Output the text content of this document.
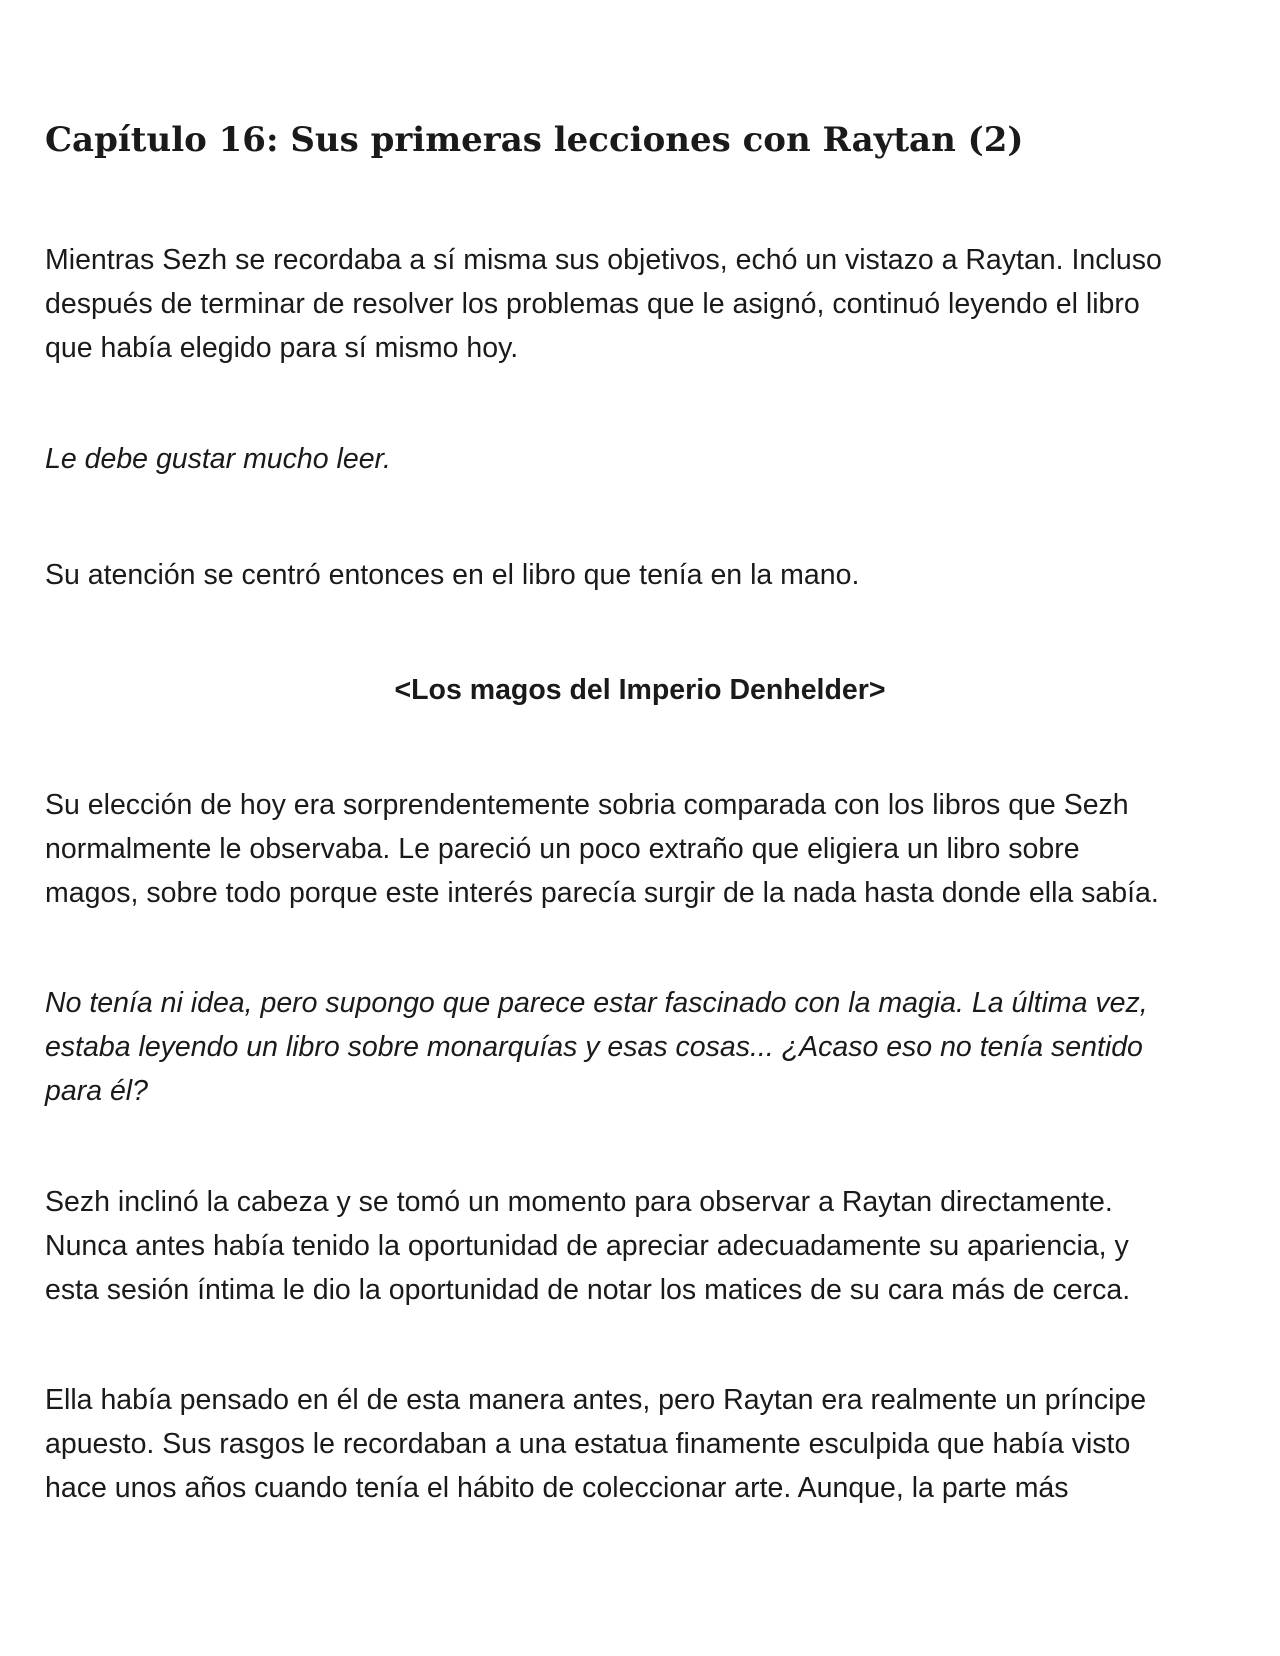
Capítulo 16: Sus primeras lecciones con Raytan (2)

Mientras Sezh se recordaba a sí misma sus objetivos, echó un vistazo a Raytan. Incluso
después de terminar de resolver los problemas que le asignó, continuó leyendo el libro
que había elegido para sí mismo hoy.

Le debe gustar mucho leer.

Su atención se centró entonces en el libro que tenía en la mano.

<Los magos del Imperio Denhelder>

Su elección de hoy era sorprendentemente sobria comparada con los libros que Sezh
normalmente le observaba. Le pareció un poco extraño que eligiera un libro sobre
magos, sobre todo porque este interés parecía surgir de la nada hasta donde ella sabía.

No tenía ni idea, pero supongo que parece estar fascinado con la magia. La última vez,
estaba leyendo un libro sobre monarquías y esas cosas... ¿Acaso eso no tenía sentido
para él?

Sezh inclinó la cabeza y se tomó un momento para observar a Raytan directamente.
Nunca antes había tenido la oportunidad de apreciar adecuadamente su apariencia, y
esta sesión íntima le dio la oportunidad de notar los matices de su cara más de cerca.

Ella había pensado en él de esta manera antes, pero Raytan era realmente un príncipe
apuesto. Sus rasgos le recordaban a una estatua finamente esculpida que había visto
hace unos años cuando tenía el hábito de coleccionar arte. Aunque, la parte más
